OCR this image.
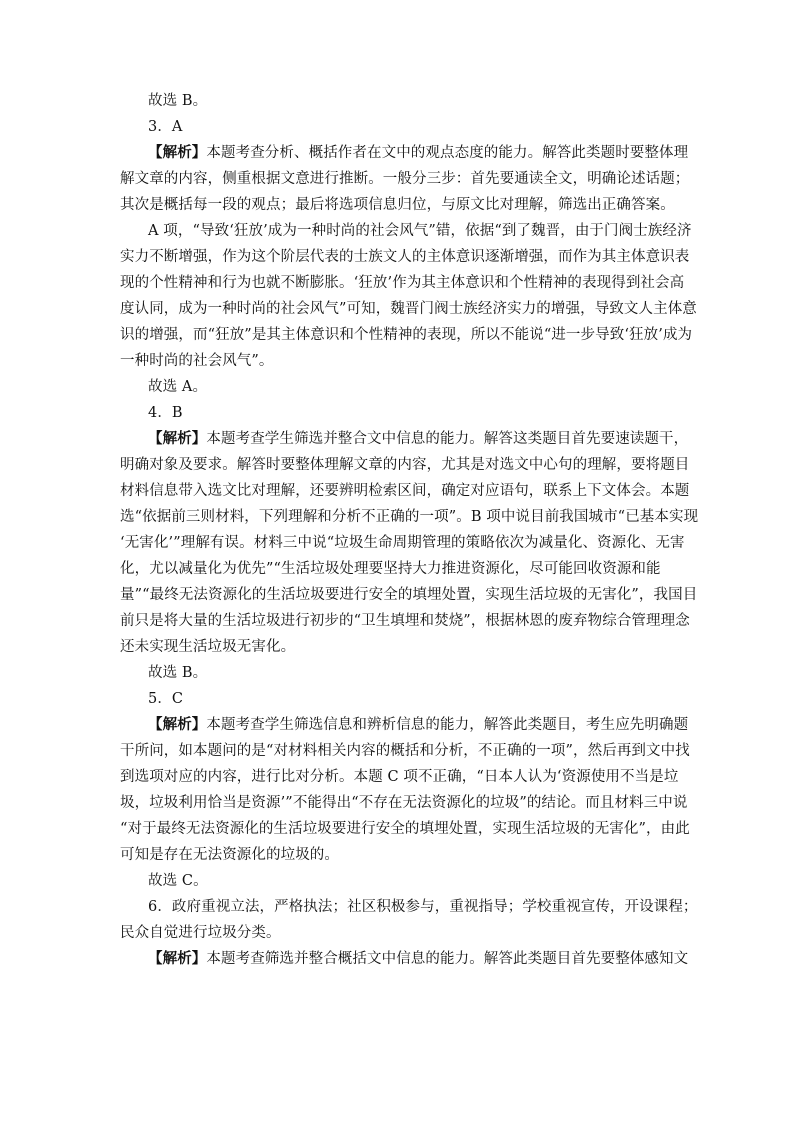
故选 B。
3．A
【解析】本题考查分析、概括作者在文中的观点态度的能力。解答此类题时要整体理
解文章的内容，侧重根据文意进行推断。一般分三步：首先要通读全文，明确论述话题；
其次是概括每一段的观点；最后将选项信息归位，与原文比对理解，筛选出正确答案。
A 项，“导致‘狂放’成为一种时尚的社会风气”错，依据“到了魏晋，由于门阀士族经济
实力不断增强，作为这个阶层代表的士族文人的主体意识逐渐增强，而作为其主体意识表
现的个性精神和行为也就不断膨胀。‘狂放’作为其主体意识和个性精神的表现得到社会高
度认同，成为一种时尚的社会风气”可知，魏晋门阀士族经济实力的增强，导致文人主体意
识的增强，而“狂放”是其主体意识和个性精神的表现，所以不能说“进一步导致‘狂放’成为
一种时尚的社会风气”。
故选 A。
4．B
【解析】本题考查学生筛选并整合文中信息的能力。解答这类题目首先要速读题干，
明确对象及要求。解答时要整体理解文章的内容，尤其是对选文中心句的理解，要将题目
材料信息带入选文比对理解，还要辨明检索区间，确定对应语句，联系上下文体会。本题
选“依据前三则材料，下列理解和分析不正确的一项”。B 项中说目前我国城市“已基本实现
‘无害化’”理解有误。材料三中说“垃圾生命周期管理的策略依次为减量化、资源化、无害
化，尤以减量化为优先”“生活垃圾处理要坚持大力推进资源化，尽可能回收资源和能
量”“最终无法资源化的生活垃圾要进行安全的填埋处置，实现生活垃圾的无害化”，我国目
前只是将大量的生活垃圾进行初步的“卫生填埋和焚烧”，根据林恩的废弃物综合管理理念
还未实现生活垃圾无害化。
故选 B。
5．C
【解析】本题考查学生筛选信息和辨析信息的能力，解答此类题目，考生应先明确题
干所问，如本题问的是“对材料相关内容的概括和分析，不正确的一项”，然后再到文中找
到选项对应的内容，进行比对分析。本题 C 项不正确，“日本人认为‘资源使用不当是垃
圾，垃圾利用恰当是资源’”不能得出“不存在无法资源化的垃圾”的结论。而且材料三中说
“对于最终无法资源化的生活垃圾要进行安全的填埋处置，实现生活垃圾的无害化”，由此
可知是存在无法资源化的垃圾的。
故选 C。
6．政府重视立法，严格执法；社区积极参与，重视指导；学校重视宣传，开设课程；
民众自觉进行垃圾分类。
【解析】本题考查筛选并整合概括文中信息的能力。解答此类题目首先要整体感知文
